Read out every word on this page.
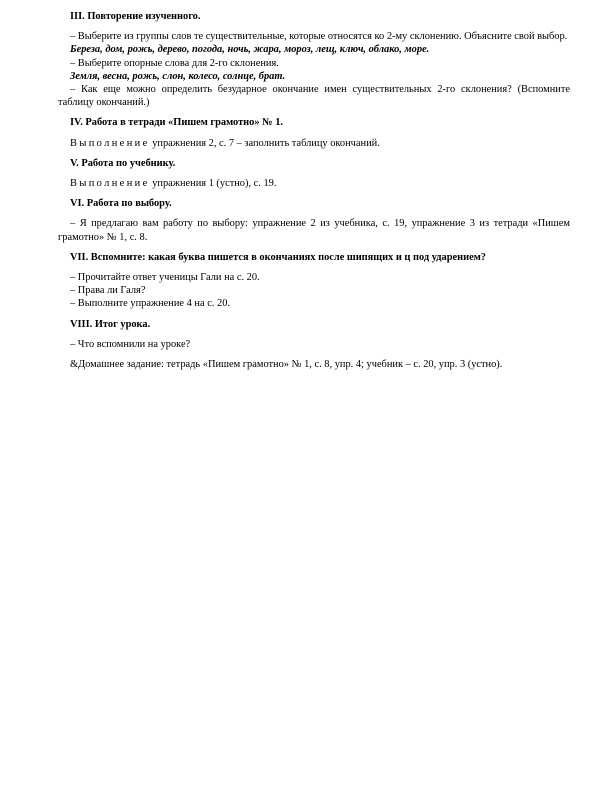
III. Повторение изученного.

– Выберите из группы слов те существительные, которые относятся ко 2-му склонению. Объясните свой выбор.

Береза, дом, рожь, дерево, погода, ночь, жара, мороз, лещ, ключ, облако, море.

– Выберите опорные слова для 2-го склонения.

Земля, весна, рожь, слон, колесо, солнце, брат.

– Как еще можно определить безударное окончание имен существительных 2-го склонения? (Вспомните таблицу окончаний.)

IV. Работа в тетради «Пишем грамотно» № 1.

Выполнение упражнения 2, с. 7 – заполнить таблицу окончаний.

V. Работа по учебнику.

Выполнение упражнения 1 (устно), с. 19.

VI. Работа по выбору.

– Я предлагаю вам работу по выбору: упражнение 2 из учебника, с. 19, упражнение 3 из тетради «Пишем грамотно» № 1, с. 8.

VII. Вспомните: какая буква пишется в окончаниях после шипящих и ц под ударением?

– Прочитайте ответ ученицы Гали на с. 20.

– Права ли Галя?

– Выполните упражнение 4 на с. 20.

VIII. Итог урока.

– Что вспомнили на уроке?

&Домашнее задание: тетрадь «Пишем грамотно» № 1, с. 8, упр. 4; учебник – с. 20, упр. 3 (устно).
